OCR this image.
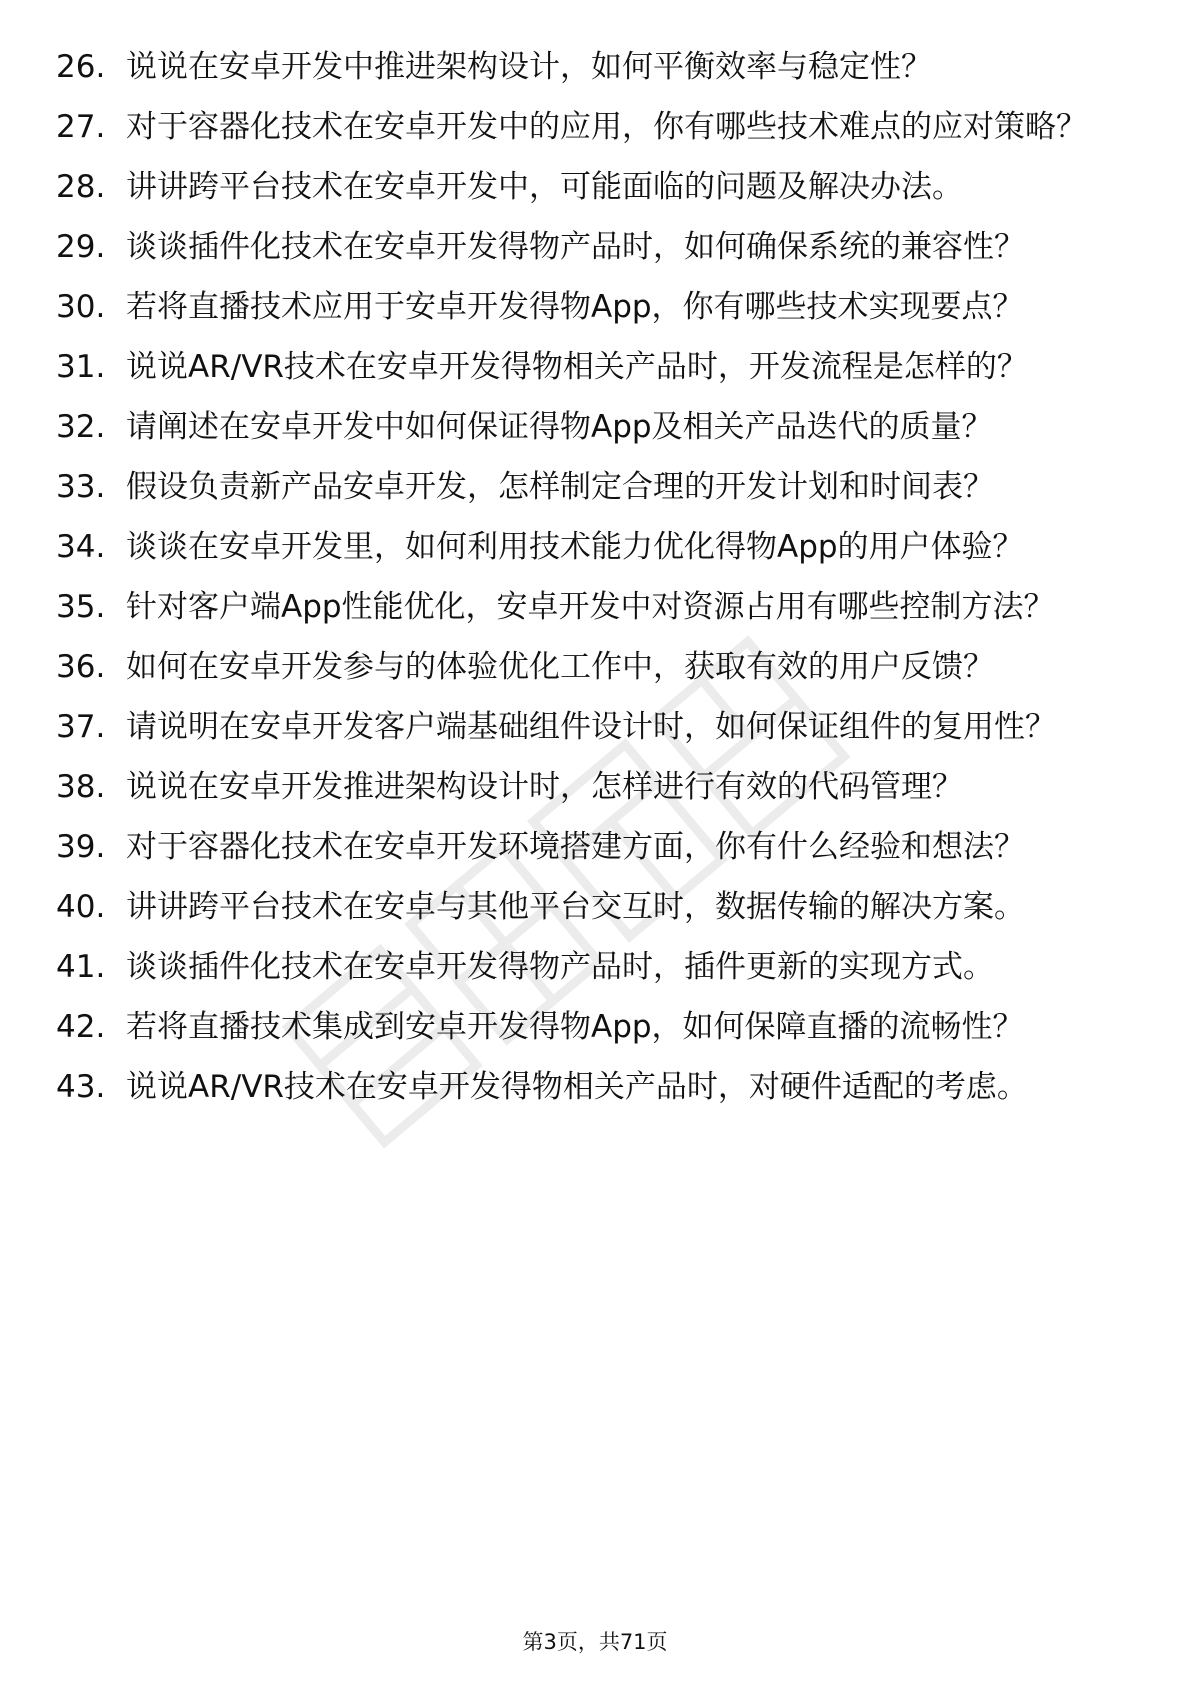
26. 说说在安卓开发中推进架构设计，如何平衡效率与稳定性？
27. 对于容器化技术在安卓开发中的应用，你有哪些技术难点的应对策略？
28. 讲讲跨平台技术在安卓开发中，可能面临的问题及解决办法。
29. 谈谈插件化技术在安卓开发得物产品时，如何确保系统的兼容性？
30. 若将直播技术应用于安卓开发得物App，你有哪些技术实现要点？
31. 说说AR/VR技术在安卓开发得物相关产品时，开发流程是怎样的？
32. 请阐述在安卓开发中如何保证得物App及相关产品迭代的质量？
33. 假设负责新产品安卓开发，怎样制定合理的开发计划和时间表？
34. 谈谈在安卓开发里，如何利用技术能力优化得物App的用户体验？
35. 针对客户端App性能优化，安卓开发中对资源占用有哪些控制方法？
36. 如何在安卓开发参与的体验优化工作中，获取有效的用户反馈？
37. 请说明在安卓开发客户端基础组件设计时，如何保证组件的复用性？
38. 说说在安卓开发推进架构设计时，怎样进行有效的代码管理？
39. 对于容器化技术在安卓开发环境搭建方面，你有什么经验和想法？
40. 讲讲跨平台技术在安卓与其他平台交互时，数据传输的解决方案。
41. 谈谈插件化技术在安卓开发得物产品时，插件更新的实现方式。
42. 若将直播技术集成到安卓开发得物App，如何保障直播的流畅性？
43. 说说AR/VR技术在安卓开发得物相关产品时，对硬件适配的考虑。
第3页，共71页
